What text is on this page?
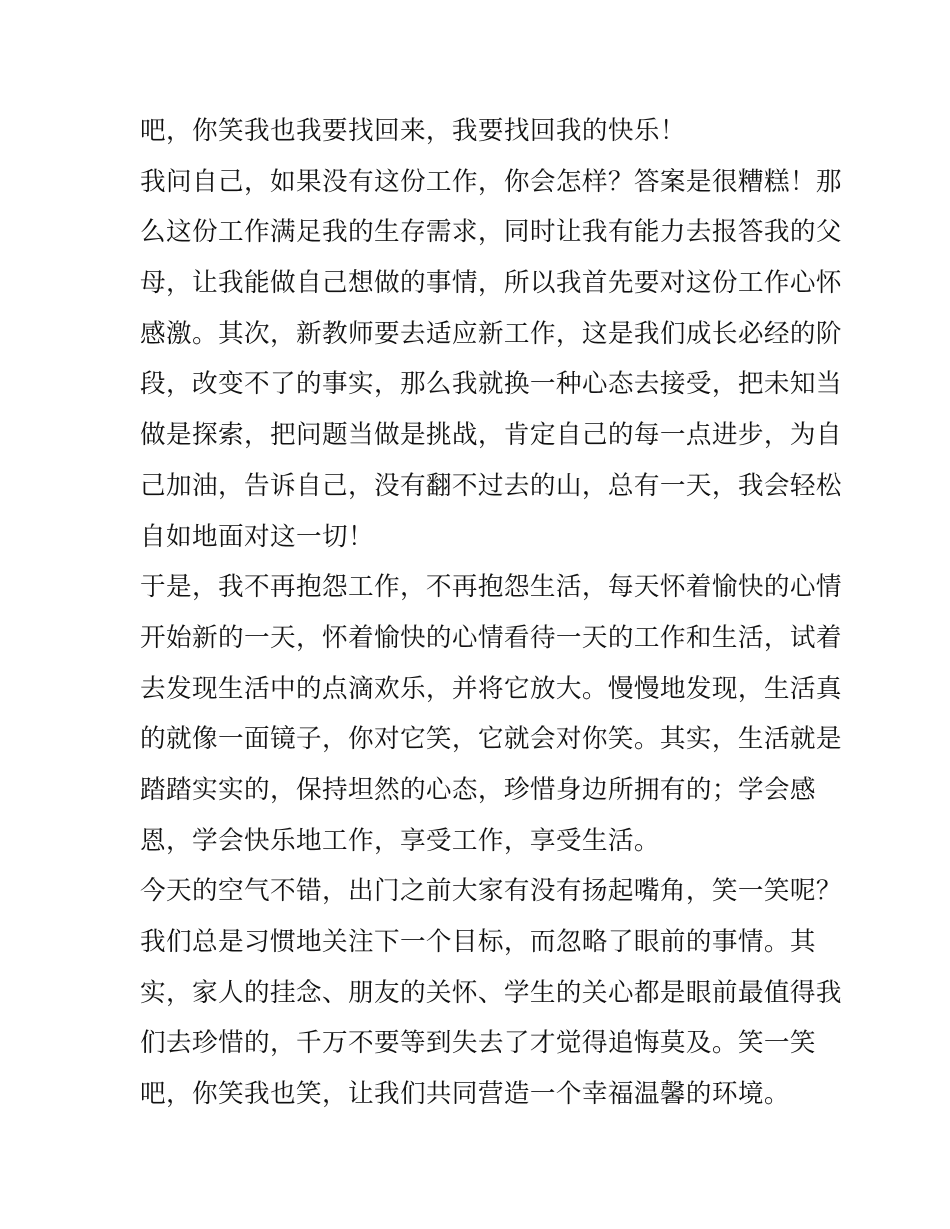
吧，你笑我也我要找回来，我要找回我的快乐！
我问自己，如果没有这份工作，你会怎样？答案是很糟糕！那
么这份工作满足我的生存需求，同时让我有能力去报答我的父
母，让我能做自己想做的事情，所以我首先要对这份工作心怀
感激。其次，新教师要去适应新工作，这是我们成长必经的阶
段，改变不了的事实，那么我就换一种心态去接受，把未知当
做是探索，把问题当做是挑战，肯定自己的每一点进步，为自
己加油，告诉自己，没有翻不过去的山，总有一天，我会轻松
自如地面对这一切！
于是，我不再抱怨工作，不再抱怨生活，每天怀着愉快的心情
开始新的一天，怀着愉快的心情看待一天的工作和生活，试着
去发现生活中的点滴欢乐，并将它放大。慢慢地发现，生活真
的就像一面镜子，你对它笑，它就会对你笑。其实，生活就是
踏踏实实的，保持坦然的心态，珍惜身边所拥有的；学会感
恩，学会快乐地工作，享受工作，享受生活。
今天的空气不错，出门之前大家有没有扬起嘴角，笑一笑呢？
我们总是习惯地关注下一个目标，而忽略了眼前的事情。其
实，家人的挂念、朋友的关怀、学生的关心都是眼前最值得我
们去珍惜的，千万不要等到失去了才觉得追悔莫及。笑一笑
吧，你笑我也笑，让我们共同营造一个幸福温馨的环境。
